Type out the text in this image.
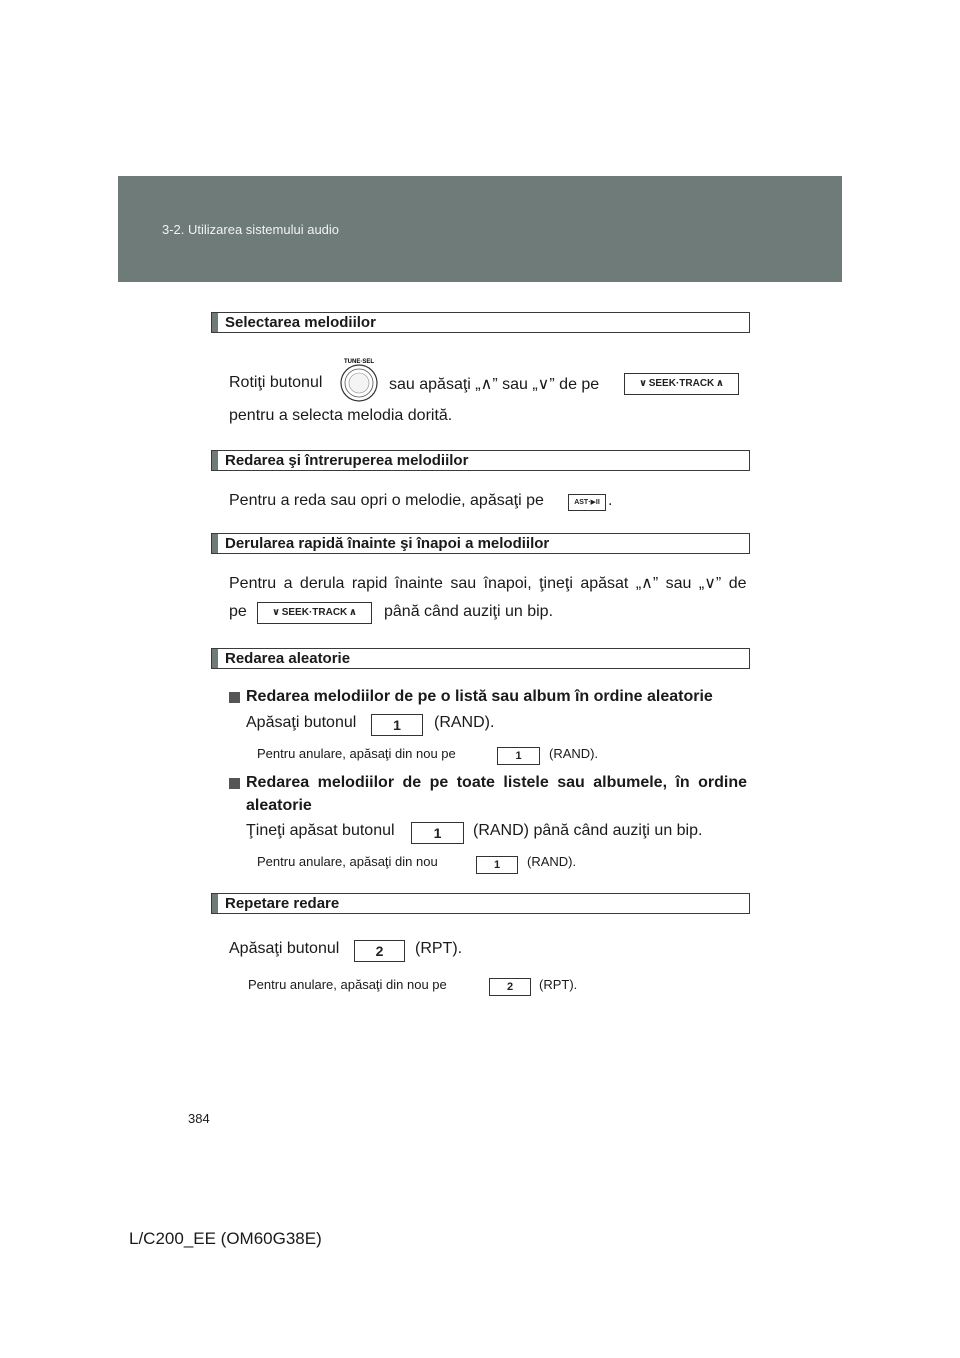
3-2. Utilizarea sistemului audio
Selectarea melodiilor
Rotiţi butonul
TUNE·SEL
sau apăsaţi „∧” sau „∨” de pe	∨ SEEK·TRACK ∧
pentru a selecta melodia dorită.
Redarea şi întreruperea melodiilor
Pentru a reda sau opri o melodie, apăsaţi pe	AST·▶II .
Derularea rapidă înainte şi înapoi a melodiilor
Pentru a derula rapid înainte sau înapoi, ţineţi apăsat „∧” sau „∨” de
pe	∨ SEEK·TRACK ∧ până când auziţi un bip.
Redarea aleatorie
Redarea melodiilor de pe o listă sau album în ordine aleatorie
Apăsaţi butonul	1	(RAND).
Pentru anulare, apăsaţi din nou pe	1	(RAND).
Redarea melodiilor de pe toate listele sau albumele, în ordine
aleatorie
Ţineţi apăsat butonul	1	(RAND) până când auziţi un bip.
Pentru anulare, apăsaţi din nou	1	(RAND).
Repetare redare
Apăsaţi butonul	2	(RPT).
Pentru anulare, apăsaţi din nou pe	2	(RPT).
384
L/C200_EE (OM60G38E)
